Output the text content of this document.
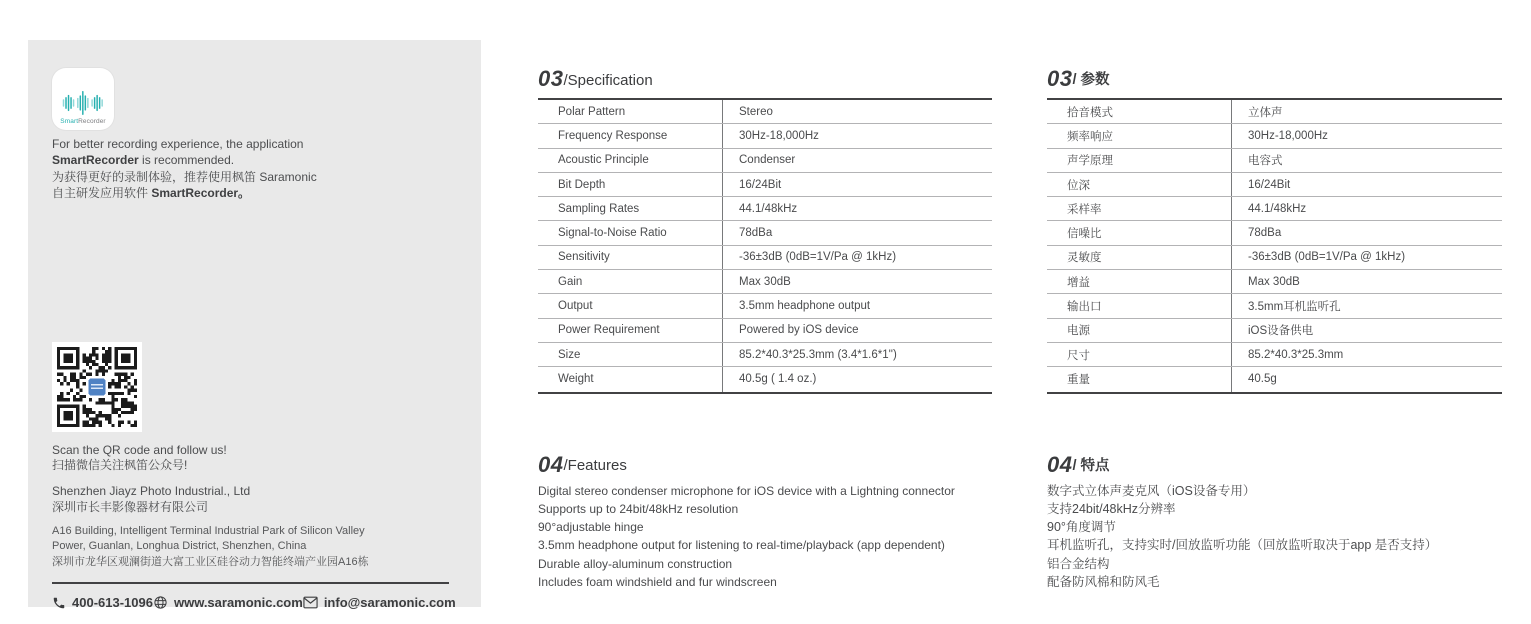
SmartRecorder

For better recording experience, the application
SmartRecorder is recommended.
为获得更好的录制体验，推荐使用枫笛 Saramonic
自主研发应用软件 SmartRecorder。

Scan the QR code and follow us!
扫描微信关注枫笛公众号!

Shenzhen Jiayz Photo Industrial., Ltd
深圳市长丰影像器材有限公司

A16 Building, Intelligent Terminal Industrial Park of Silicon Valley
Power, Guanlan, Longhua District, Shenzhen, China
深圳市龙华区观澜街道大富工业区硅谷动力智能终端产业园A16栋

400-613-1096 www.saramonic.com info@saramonic.com
03 /Specification
Polar Pattern	Stereo
Frequency Response	30Hz-18,000Hz
Acoustic Principle	Condenser
Bit Depth	16/24Bit
Sampling Rates	44.1/48kHz
Signal-to-Noise Ratio	78dBa
Sensitivity	-36±3dB (0dB=1V/Pa @ 1kHz)
Gain	Max 30dB
Output	3.5mm headphone output
Power Requirement	Powered by iOS device
Size	85.2*40.3*25.3mm (3.4*1.6*1'')
Weight	40.5g ( 1.4 oz.)
04 /Features
Digital stereo condenser microphone for iOS device with a Lightning connector
Supports up to 24bit/48kHz resolution
90°adjustable hinge
3.5mm headphone output for listening to real-time/playback (app dependent)
Durable alloy-aluminum construction
Includes foam windshield and fur windscreen
03 / 参数
拾音模式	立体声
频率响应	30Hz-18,000Hz
声学原理	电容式
位深	16/24Bit
采样率	44.1/48kHz
信噪比	78dBa
灵敏度	-36±3dB (0dB=1V/Pa @ 1kHz)
增益	Max 30dB
输出口	3.5mm耳机监听孔
电源	iOS设备供电
尺寸	85.2*40.3*25.3mm
重量	40.5g
04 / 特点
数字式立体声麦克风（iOS设备专用）
支持24bit/48kHz分辨率
90°角度调节
耳机监听孔，支持实时/回放监听功能（回放监听取决于app 是否支持）
铝合金结构
配备防风棉和防风毛
